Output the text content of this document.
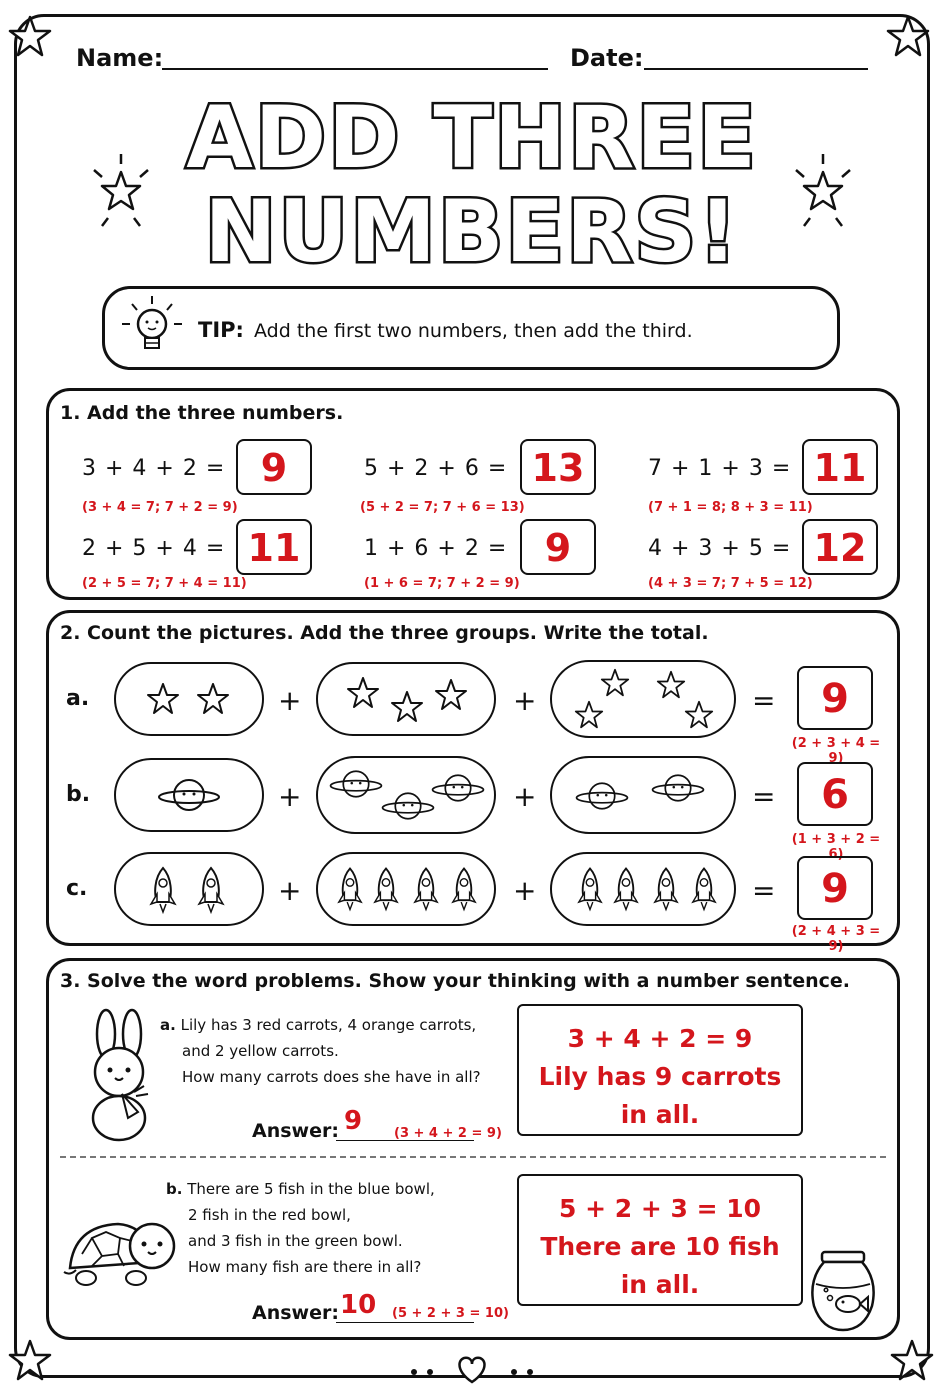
Name:	Date:
ADD THREE
NUMBERS!
TIP: Add the first two numbers, then add the third.
1. Add the three numbers.
3 + 4 + 2 = 9
(3 + 4 = 7; 7 + 2 = 9)
5 + 2 + 6 = 13
(5 + 2 = 7; 7 + 6 = 13)
7 + 1 + 3 = 11
(7 + 1 = 8; 8 + 3 = 11)
2 + 5 + 4 = 11
(2 + 5 = 7; 7 + 4 = 11)
1 + 6 + 2 = 9
(1 + 6 = 7; 7 + 2 = 9)
4 + 3 + 5 = 12
(4 + 3 = 7; 7 + 5 = 12)
2. Count the pictures. Add the three groups. Write the total.
a.	+	+	=	9
(2 + 3 + 4 = 9)
b.	+	+	=	6
(1 + 3 + 2 = 6)
c.	+	+	=	9
(2 + 4 + 3 = 9)
3. Solve the word problems. Show your thinking with a number sentence.
a. Lily has 3 red carrots, 4 orange carrots,
and 2 yellow carrots.
How many carrots does she have in all?
Answer: 9 (3 + 4 + 2 = 9)
3 + 4 + 2 = 9
Lily has 9 carrots
in all.
b. There are 5 fish in the blue bowl,
2 fish in the red bowl,
and 3 fish in the green bowl.
How many fish are there in all?
Answer: 10 (5 + 2 + 3 = 10)
5 + 2 + 3 = 10
There are 10 fish
in all.
